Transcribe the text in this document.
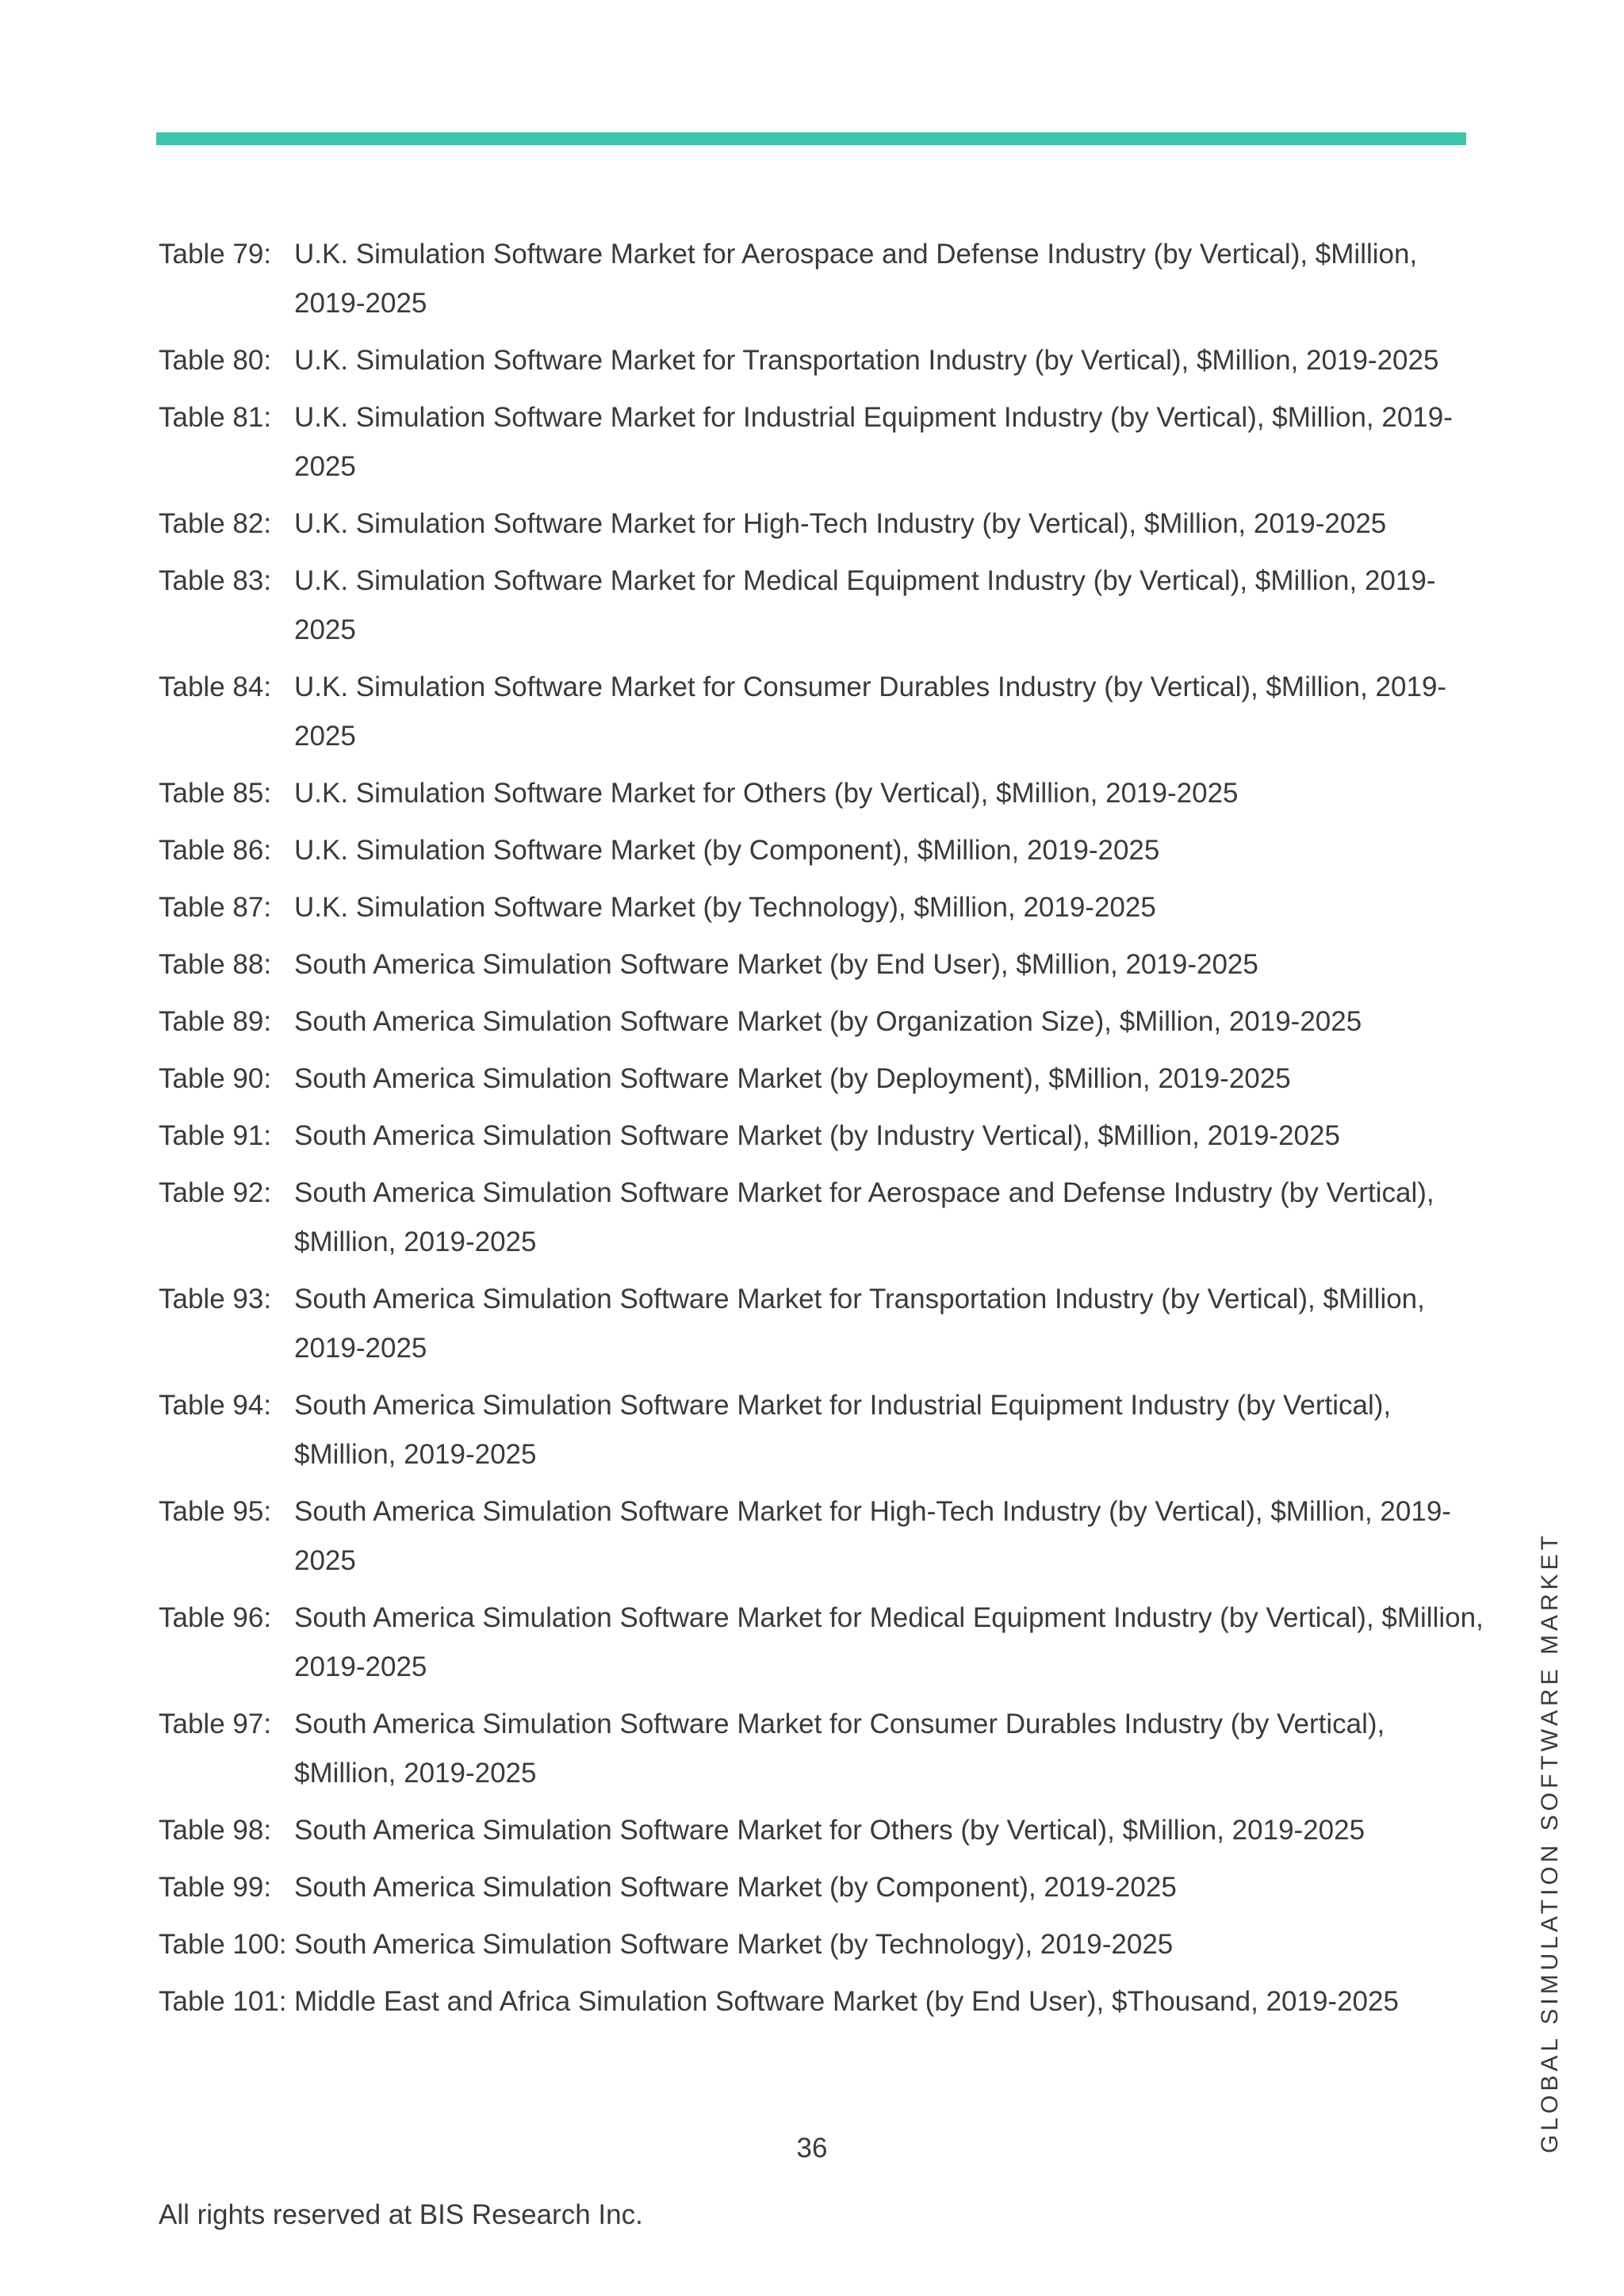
Table 79: U.K. Simulation Software Market for Aerospace and Defense Industry (by Vertical), $Million, 2019-2025
Table 80: U.K. Simulation Software Market for Transportation Industry (by Vertical), $Million, 2019-2025
Table 81: U.K. Simulation Software Market for Industrial Equipment Industry (by Vertical), $Million, 2019-2025
Table 82: U.K. Simulation Software Market for High-Tech Industry (by Vertical), $Million, 2019-2025
Table 83: U.K. Simulation Software Market for Medical Equipment Industry (by Vertical), $Million, 2019-2025
Table 84: U.K. Simulation Software Market for Consumer Durables Industry (by Vertical), $Million, 2019-2025
Table 85: U.K. Simulation Software Market for Others (by Vertical), $Million, 2019-2025
Table 86: U.K. Simulation Software Market (by Component), $Million, 2019-2025
Table 87: U.K. Simulation Software Market (by Technology), $Million, 2019-2025
Table 88: South America Simulation Software Market (by End User), $Million, 2019-2025
Table 89: South America Simulation Software Market (by Organization Size), $Million, 2019-2025
Table 90: South America Simulation Software Market (by Deployment), $Million, 2019-2025
Table 91: South America Simulation Software Market (by Industry Vertical), $Million, 2019-2025
Table 92: South America Simulation Software Market for Aerospace and Defense Industry (by Vertical), $Million, 2019-2025
Table 93: South America Simulation Software Market for Transportation Industry (by Vertical), $Million, 2019-2025
Table 94: South America Simulation Software Market for Industrial Equipment Industry (by Vertical), $Million, 2019-2025
Table 95: South America Simulation Software Market for High-Tech Industry (by Vertical), $Million, 2019-2025
Table 96: South America Simulation Software Market for Medical Equipment Industry (by Vertical), $Million, 2019-2025
Table 97: South America Simulation Software Market for Consumer Durables Industry (by Vertical), $Million, 2019-2025
Table 98: South America Simulation Software Market for Others (by Vertical), $Million, 2019-2025
Table 99: South America Simulation Software Market (by Component), 2019-2025
Table 100: South America Simulation Software Market (by Technology), 2019-2025
Table 101: Middle East and Africa Simulation Software Market (by End User), $Thousand, 2019-2025
36
All rights reserved at BIS Research Inc.
GLOBAL SIMULATION SOFTWARE MARKET
